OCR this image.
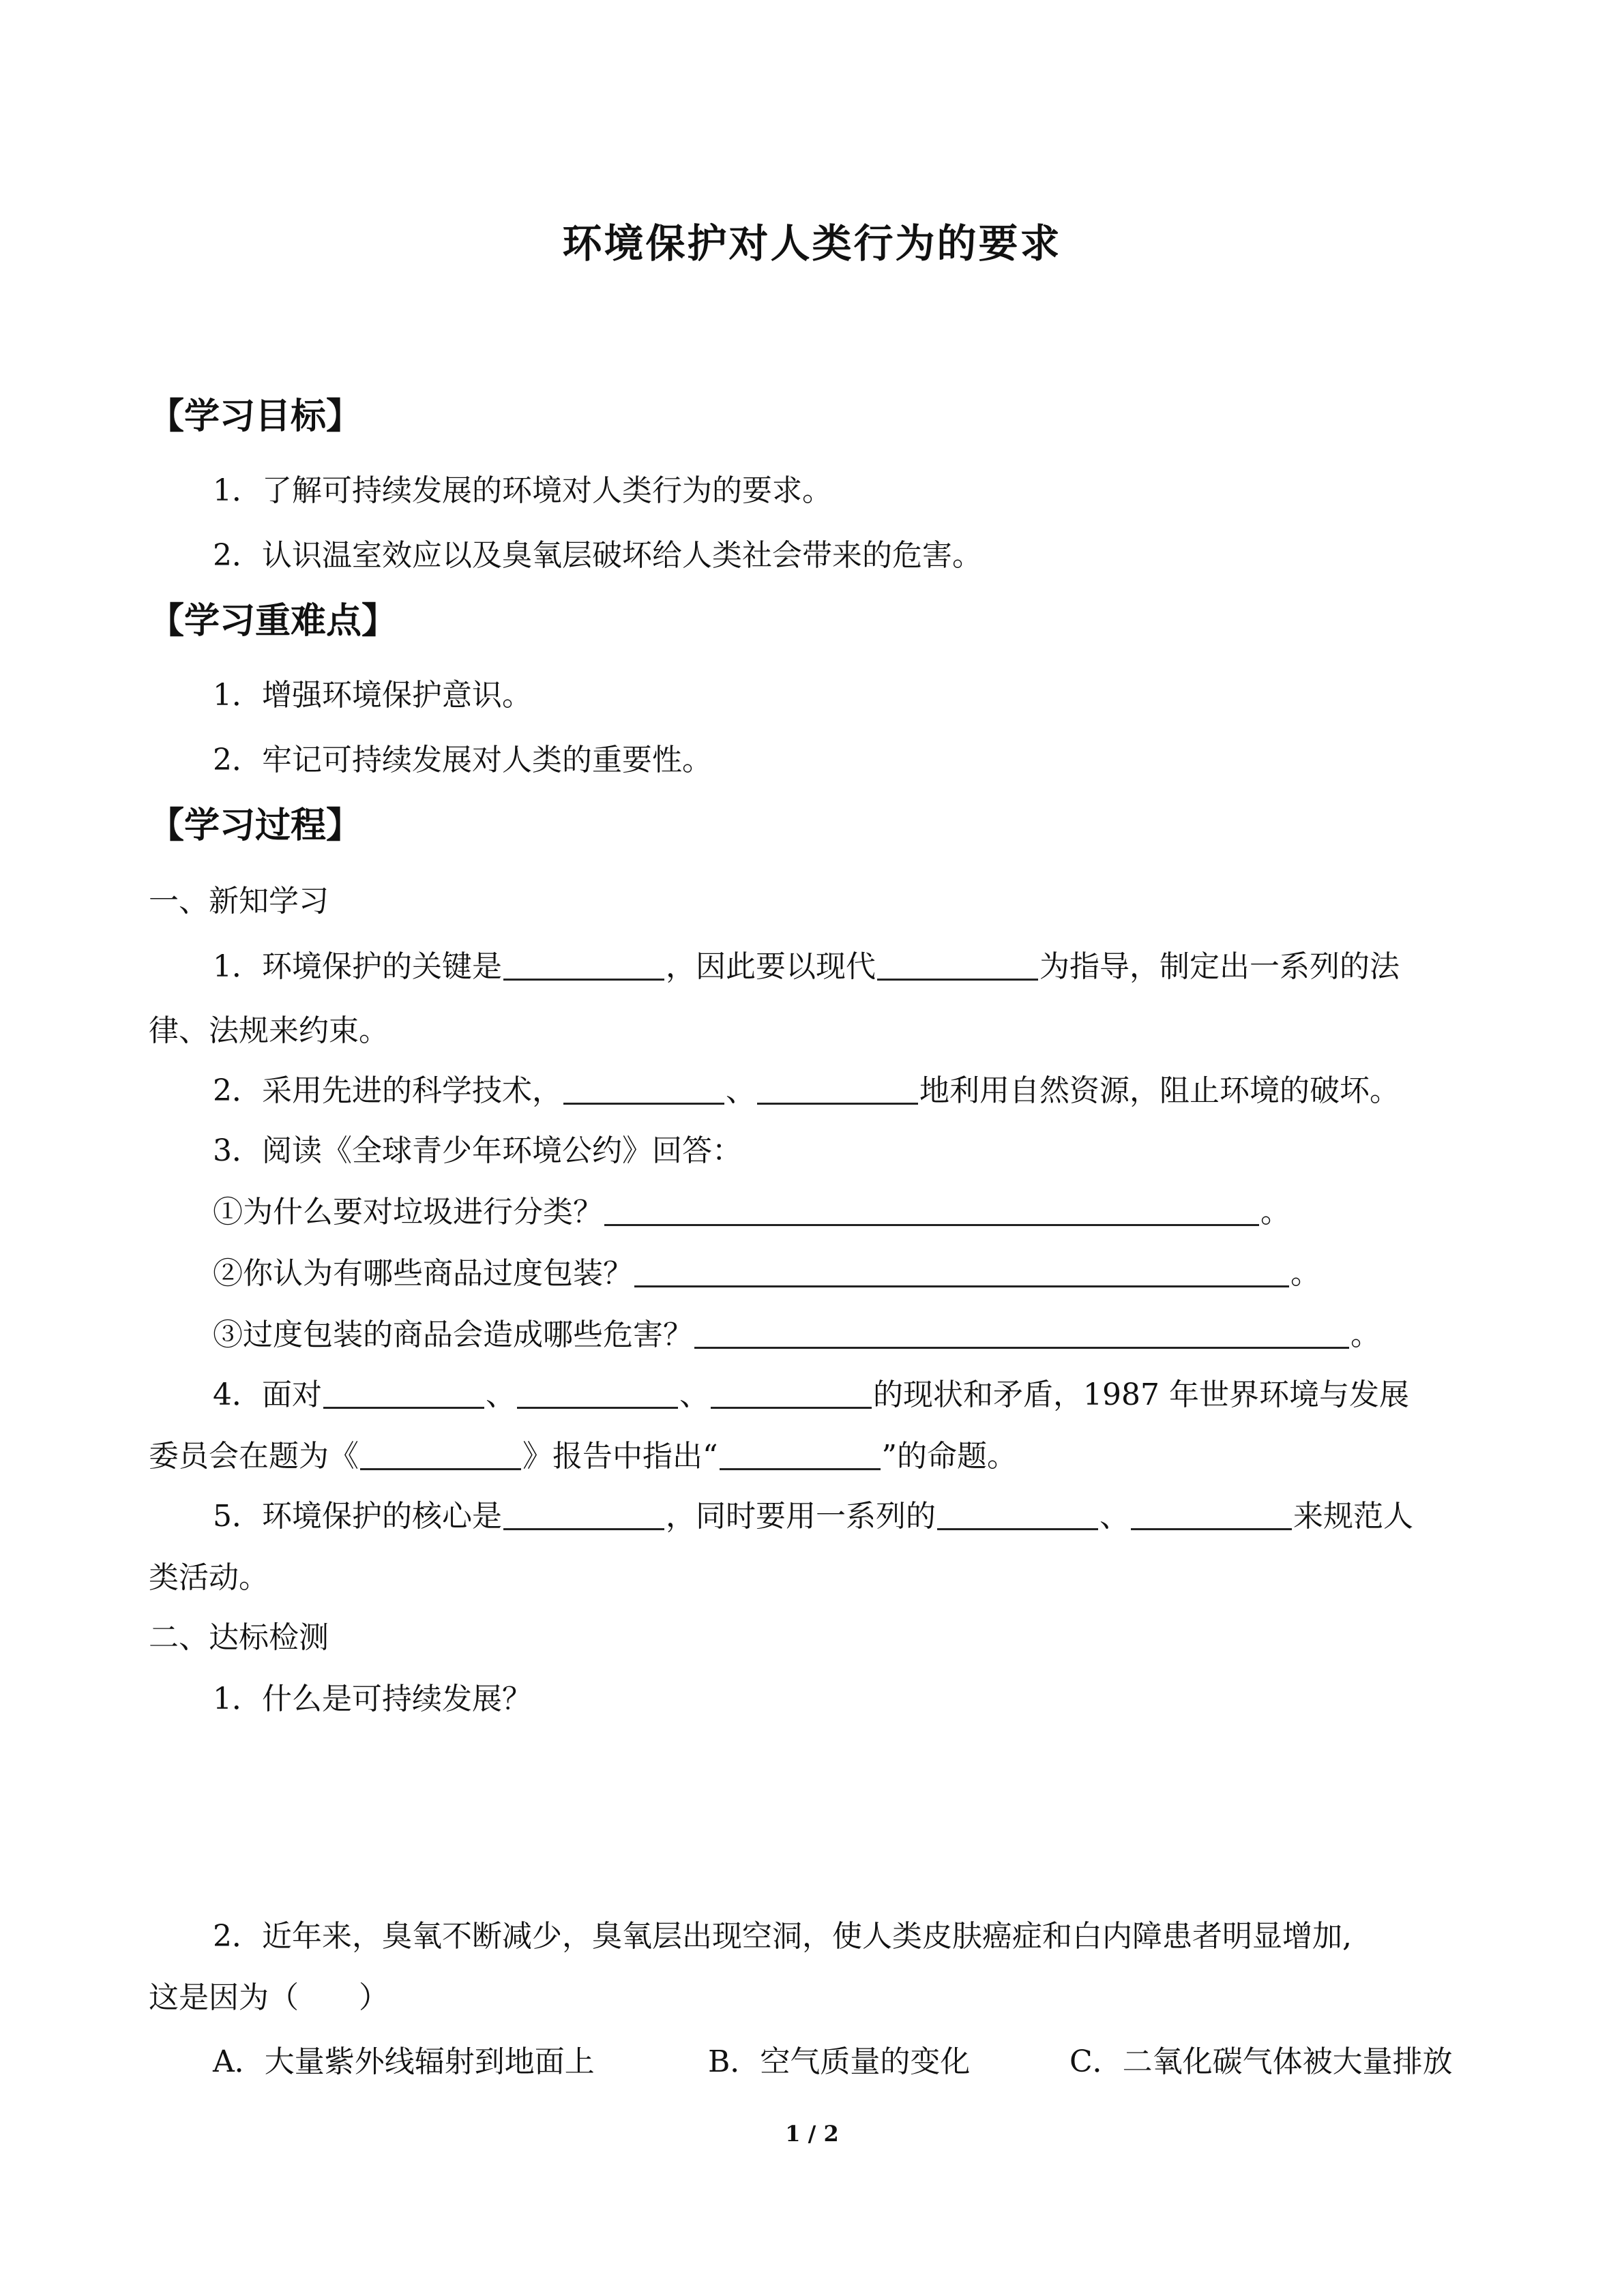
环境保护对人类行为的要求
【学习目标】
1．了解可持续发展的环境对人类行为的要求。
2．认识温室效应以及臭氧层破坏给人类社会带来的危害。
【学习重难点】
1．增强环境保护意识。
2．牢记可持续发展对人类的重要性。
【学习过程】
一、新知学习
1．环境保护的关键是	，因此要以现代	为指导，制定出一系列的法
律、法规来约束。
2．采用先进的科学技术，	、	地利用自然资源，阻止环境的破坏。
3．阅读《全球青少年环境公约》回答：
①为什么要对垃圾进行分类？	。
②你认为有哪些商品过度包装？	。
③过度包装的商品会造成哪些危害？	。
4．面对	、	、	的现状和矛盾，1987 年世界环境与发展
委员会在题为《	》报告中指出“	”的命题。
5．环境保护的核心是	，同时要用一系列的	、	来规范人
类活动。
二、达标检测
1．什么是可持续发展？
2．近年来，臭氧不断减少，臭氧层出现空洞，使人类皮肤癌症和白内障患者明显增加,
这是因为（　　）
A．大量紫外线辐射到地面上	B．空气质量的变化	C．二氧化碳气体被大量排放
1 / 2
